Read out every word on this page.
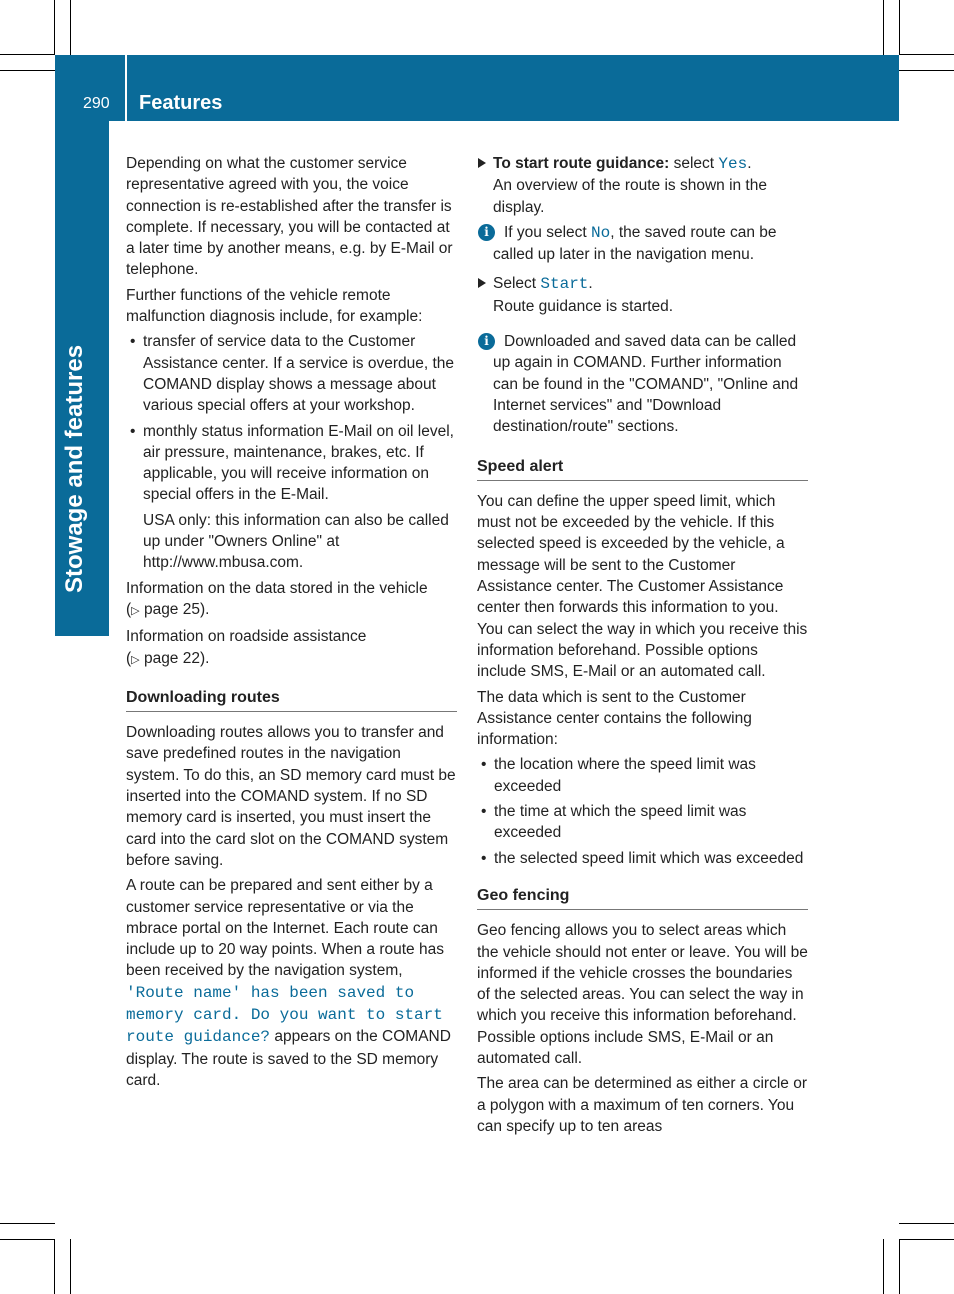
290 Features
Stowage and features

Depending on what the customer service representative agreed with you, the voice connection is re-established after the transfer is complete. If necessary, you will be contacted at a later time by another means, e.g. by E-Mail or telephone.

Further functions of the vehicle remote malfunction diagnosis include, for example:

• transfer of service data to the Customer Assistance center. If a service is overdue, the COMAND display shows a message about various special offers at your workshop.
• monthly status information E-Mail on oil level, air pressure, maintenance, brakes, etc. If applicable, you will receive information on special offers in the E-Mail.
USA only: this information can also be called up under "Owners Online" at http://www.mbusa.com.

Information on the data stored in the vehicle
(▷ page 25).

Information on roadside assistance
(▷ page 22).

Downloading routes

Downloading routes allows you to transfer and save predefined routes in the navigation system. To do this, an SD memory card must be inserted into the COMAND system. If no SD memory card is inserted, you must insert the card into the card slot on the COMAND system before saving.

A route can be prepared and sent either by a customer service representative or via the mbrace portal on the Internet. Each route can include up to 20 way points. When a route has been received by the navigation system, 'Route name' has been saved to memory card. Do you want to start route guidance? appears on the COMAND display. The route is saved to the SD memory card.

To start route guidance: select Yes.
An overview of the route is shown in the display.
i If you select No, the saved route can be called up later in the navigation menu.
Select Start.
Route guidance is started.
i Downloaded and saved data can be called up again in COMAND. Further information can be found in the "COMAND", "Online and Internet services" and "Download destination/route" sections.
Speed alert

You can define the upper speed limit, which must not be exceeded by the vehicle. If this selected speed is exceeded by the vehicle, a message will be sent to the Customer Assistance center. The Customer Assistance center then forwards this information to you. You can select the way in which you receive this information beforehand. Possible options include SMS, E-Mail or an automated call.

The data which is sent to the Customer Assistance center contains the following information:

• the location where the speed limit was exceeded
• the time at which the speed limit was exceeded
• the selected speed limit which was exceeded
Geo fencing

Geo fencing allows you to select areas which the vehicle should not enter or leave. You will be informed if the vehicle crosses the boundaries of the selected areas. You can select the way in which you receive this information beforehand. Possible options include SMS, E-Mail or an automated call.

The area can be determined as either a circle or a polygon with a maximum of ten corners. You can specify up to ten areas
